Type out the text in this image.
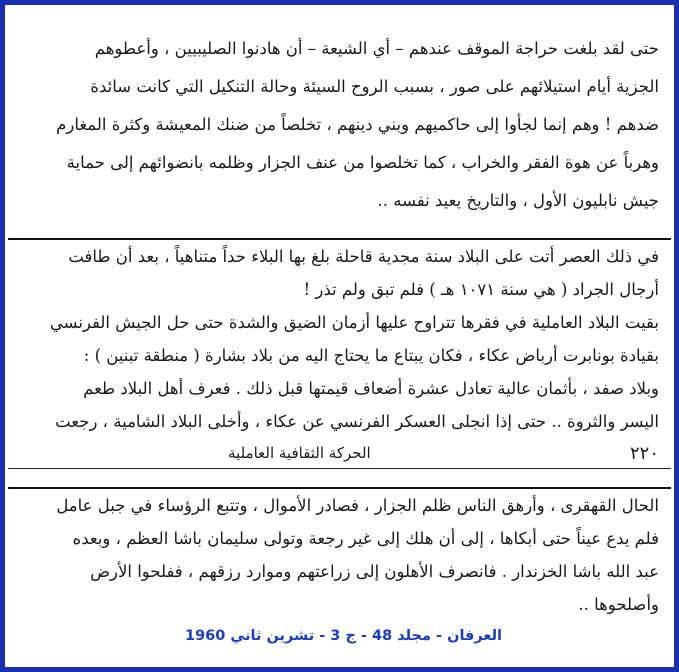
حتى لقد بلغت حراجة الموقف عندهم – أي الشيعة – أن هادنوا الصليبيين ، وأعطوهم
الجزية أيام استيلائهم على صور ، بسبب الروح السيئة وحالة التنكيل التي كانت سائدة
ضدهم ! وهم إنما لجأوا إلى حاكميهم وبني دينهم ، تخلصاً من ضنك المعيشة وكثرة المغارم
وهرباً عن هوة الفقر والخراب ، كما تخلصوا من عنف الجزار وظلمه بانضوائهم إلى حماية
جيش نابليون الأول ، والتاريخ يعيد نفسه ..
في ذلك العصر أتت على البلاد سنة مجدية قاحلة بلغ بها البلاء حداً متناهياً ، بعد أن طافت
أرجال الجراد ( هي سنة ١٠٧١ هـ ) فلم تبق ولم تذر !
بقيت البلاد العاملية في فقرها تتراوح عليها أزمان الضيق والشدة حتى حل الجيش الفرنسي
بقيادة بونابرت أرباض عكاء ، فكان يبتاع ما يحتاج اليه من بلاد بشارة ( منطقة تبنين ) :
وبلاد صفد ، بأثمان عالية تعادل عشرة أضعاف قيمتها قبل ذلك . فعرف أهل البلاد طعم
اليسر والثروة .. حتى إذا انجلى العسكر الفرنسي عن عكاء ، وأخلى البلاد الشامية ، رجعت
٢٢٠
الحركة الثقافية العاملية
الحال القهقرى ، وأرهق الناس ظلم الجزار ، فصادر الأموال ، وتتبع الرؤساء في جبل عامل
فلم يدع عيناً حتى أبكاها ، إلى أن هلك إلى غير رجعة وتولى سليمان باشا العظم ، وبعده
عبد الله باشا الخزندار . فانصرف الأهلون إلى زراعتهم وموارد رزقهم ، ففلحوا الأرض
وأصلحوها ..
العرفان - مجلد 48 - ج 3 - تشرين ثاني 1960
